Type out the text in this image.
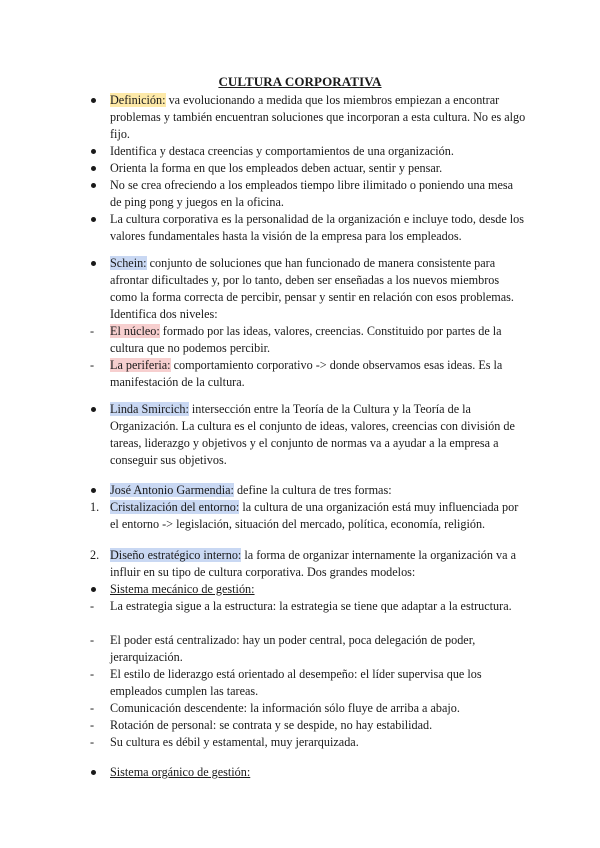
CULTURA CORPORATIVA
Definición: va evolucionando a medida que los miembros empiezan a encontrar problemas y también encuentran soluciones que incorporan a esta cultura. No es algo fijo.
Identifica y destaca creencias y comportamientos de una organización.
Orienta la forma en que los empleados deben actuar, sentir y pensar.
No se crea ofreciendo a los empleados tiempo libre ilimitado o poniendo una mesa de ping pong y juegos en la oficina.
La cultura corporativa es la personalidad de la organización e incluye todo, desde los valores fundamentales hasta la visión de la empresa para los empleados.
Schein: conjunto de soluciones que han funcionado de manera consistente para afrontar dificultades y, por lo tanto, deben ser enseñadas a los nuevos miembros como la forma correcta de percibir, pensar y sentir en relación con esos problemas. Identifica dos niveles:
-	El núcleo: formado por las ideas, valores, creencias. Constituido por partes de la cultura que no podemos percibir.
-	La periferia: comportamiento corporativo -> donde observamos esas ideas. Es la manifestación de la cultura.
Linda Smircich: intersección entre la Teoría de la Cultura y la Teoría de la Organización. La cultura es el conjunto de ideas, valores, creencias con división de tareas, liderazgo y objetivos y el conjunto de normas va a ayudar a la empresa a conseguir sus objetivos.
José Antonio Garmendia: define la cultura de tres formas:
1. Cristalización del entorno: la cultura de una organización está muy influenciada por el entorno -> legislación, situación del mercado, política, economía, religión.
2. Diseño estratégico interno: la forma de organizar internamente la organización va a influir en su tipo de cultura corporativa. Dos grandes modelos:
Sistema mecánico de gestión:
-	La estrategia sigue a la estructura: la estrategia se tiene que adaptar a la estructura.
-	El poder está centralizado: hay un poder central, poca delegación de poder, jerarquización.
-	El estilo de liderazgo está orientado al desempeño: el líder supervisa que los empleados cumplen las tareas.
-	Comunicación descendente: la información sólo fluye de arriba a abajo.
-	Rotación de personal: se contrata y se despide, no hay estabilidad.
-	Su cultura es débil y estamental, muy jerarquizada.
Sistema orgánico de gestión:
